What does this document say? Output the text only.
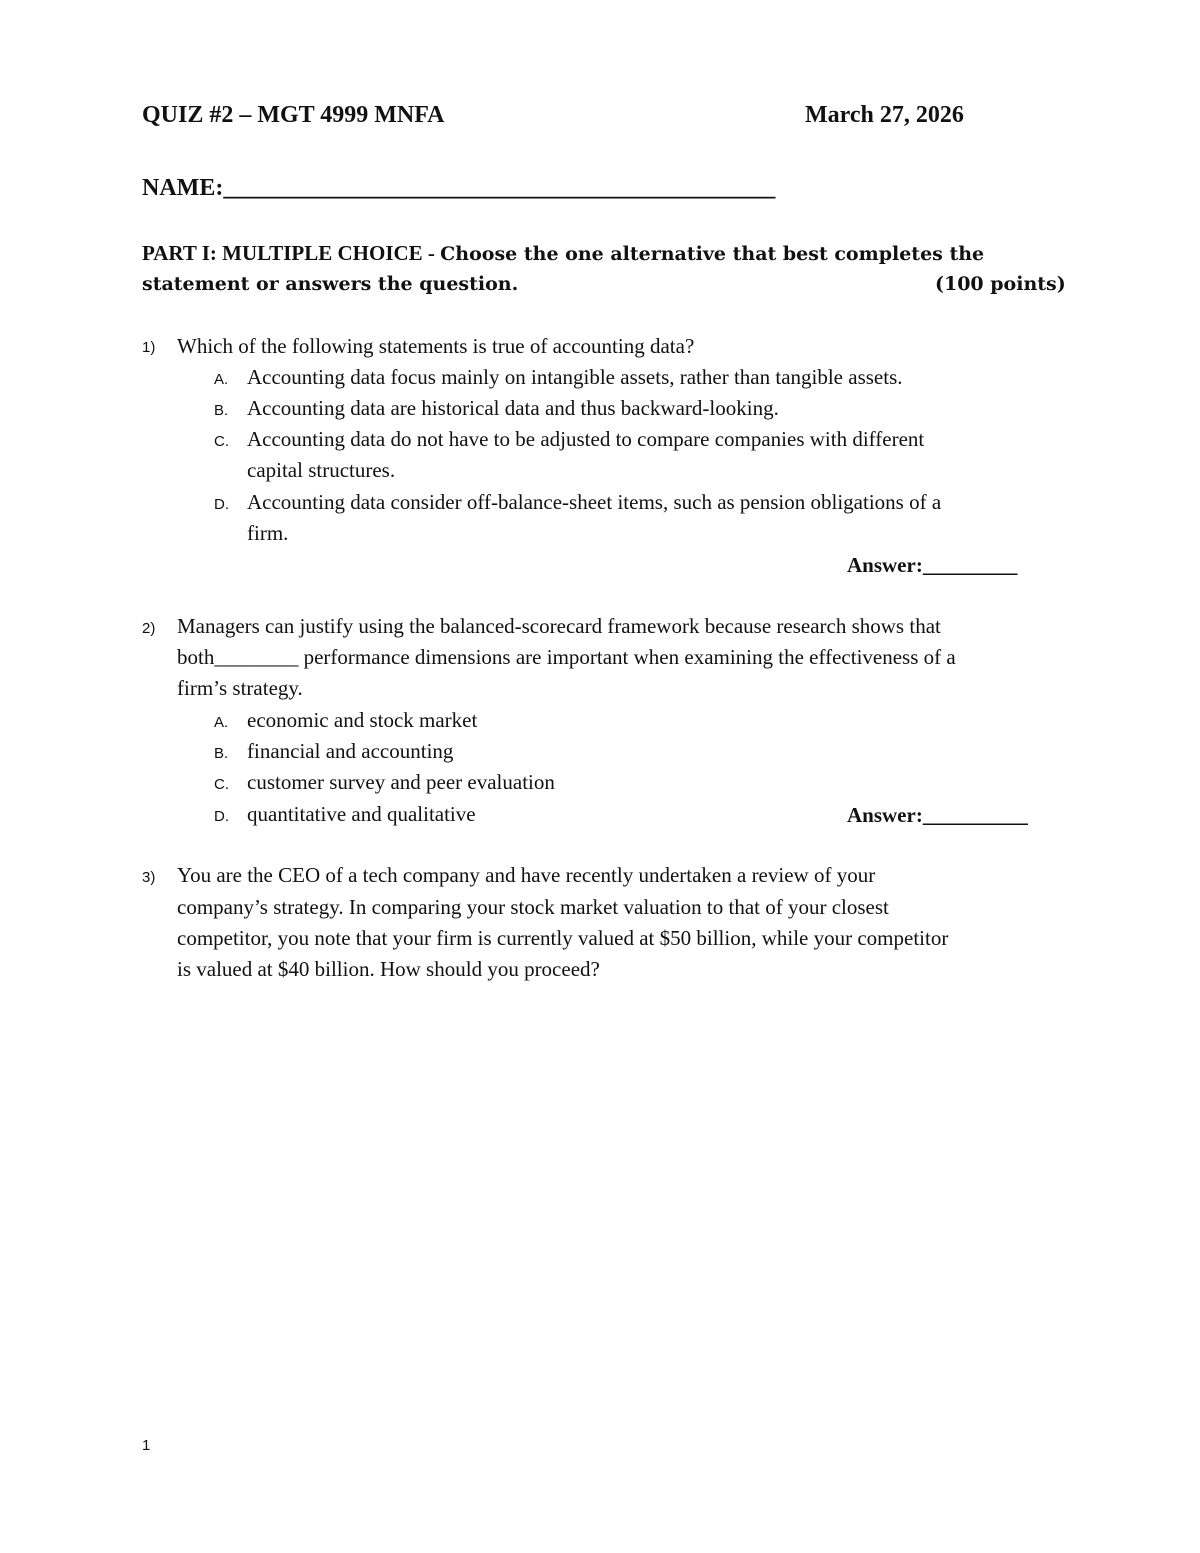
QUIZ #2 – MGT 4999 MNFA	March 27, 2026
NAME:______________________________________________
PART I: MULTIPLE CHOICE - Choose the one alternative that best completes the
statement or answers the question.	(100 points)
1) Which of the following statements is true of accounting data?
A. Accounting data focus mainly on intangible assets, rather than tangible assets.
B. Accounting data are historical data and thus backward-looking.
C. Accounting data do not have to be adjusted to compare companies with different
capital structures.
D. Accounting data consider off-balance-sheet items, such as pension obligations of a
firm.
Answer:_________
2) Managers can justify using the balanced-scorecard framework because research shows that
both________ performance dimensions are important when examining the effectiveness of a
firm’s strategy.
A. economic and stock market
B. financial and accounting
C. customer survey and peer evaluation
D. quantitative and qualitative	Answer:__________
3) You are the CEO of a tech company and have recently undertaken a review of your
company’s strategy. In comparing your stock market valuation to that of your closest
competitor, you note that your firm is currently valued at $50 billion, while your competitor
is valued at $40 billion. How should you proceed?
1
